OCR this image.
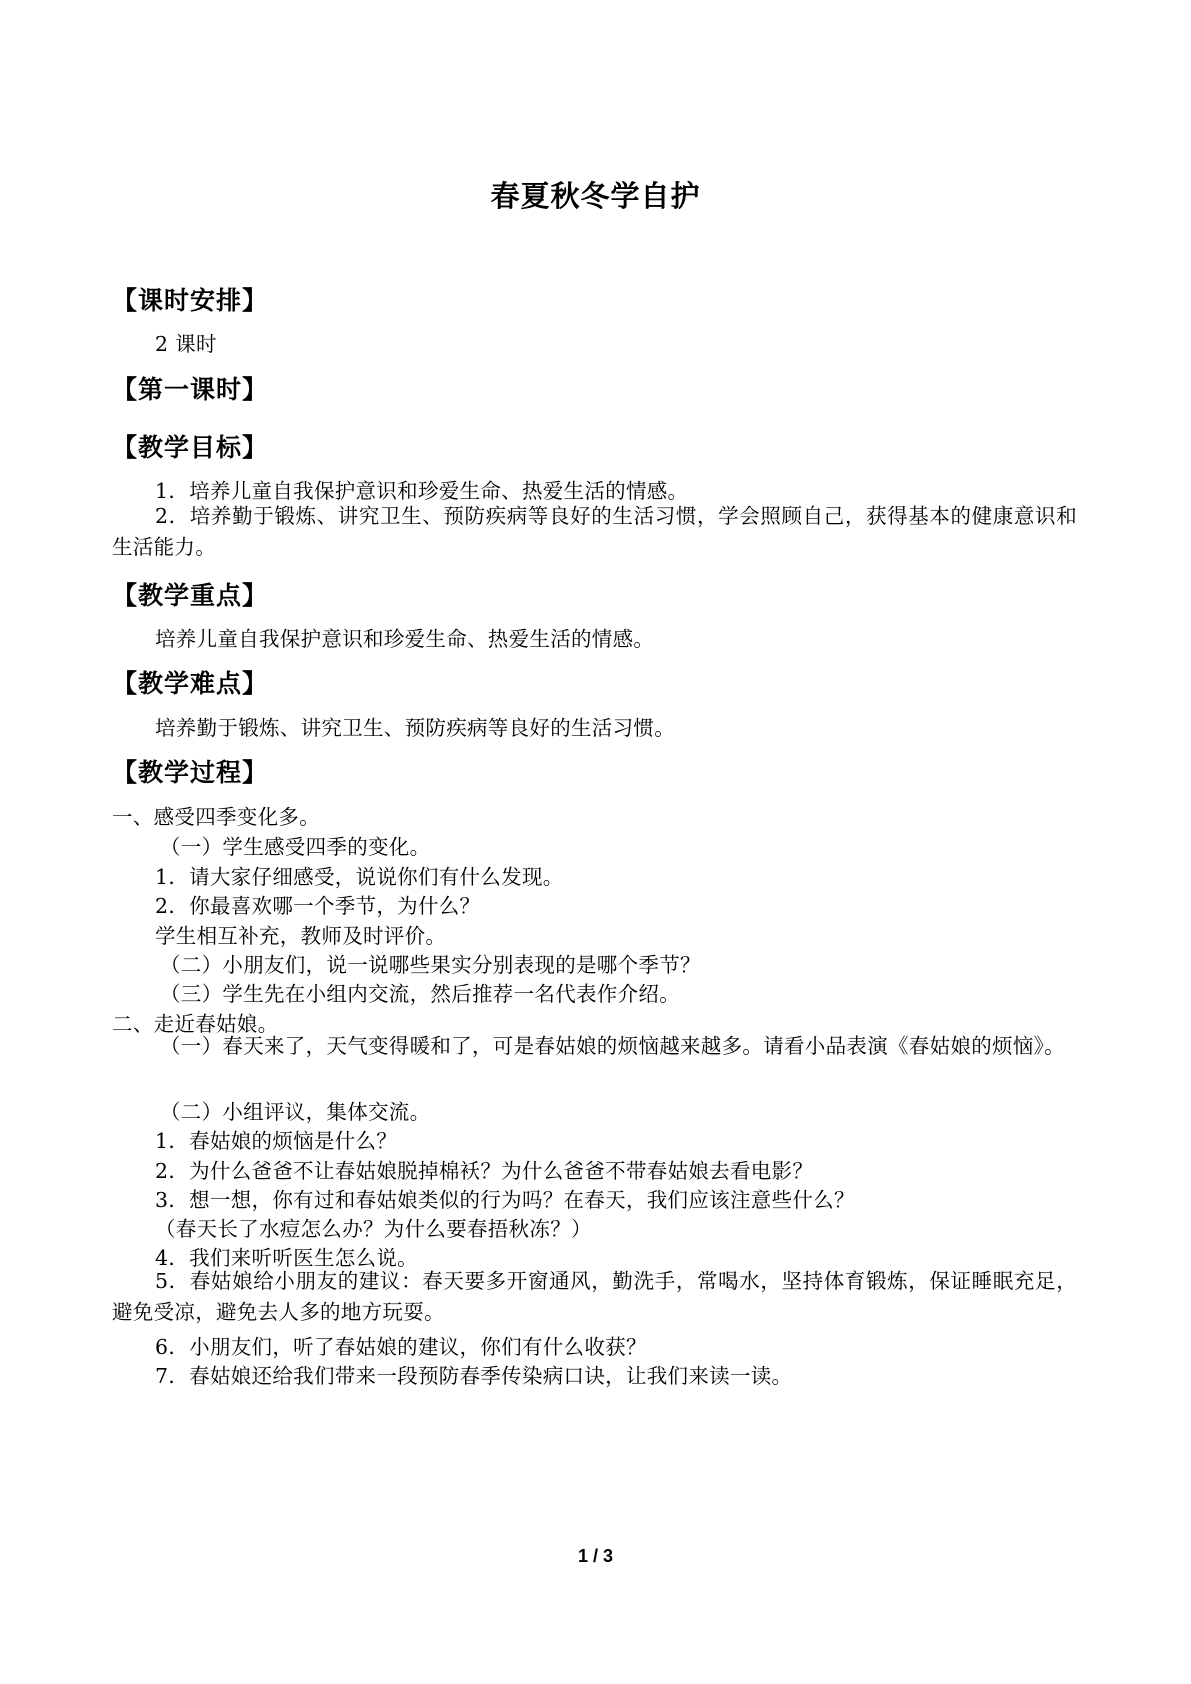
春夏秋冬学自护
【课时安排】
2 课时
【第一课时】
【教学目标】
1．培养儿童自我保护意识和珍爱生命、热爱生活的情感。
2．培养勤于锻炼、讲究卫生、预防疾病等良好的生活习惯，学会照顾自己，获得基本的健康意识和生活能力。
【教学重点】
培养儿童自我保护意识和珍爱生命、热爱生活的情感。
【教学难点】
培养勤于锻炼、讲究卫生、预防疾病等良好的生活习惯。
【教学过程】
一、感受四季变化多。
（一）学生感受四季的变化。
1．请大家仔细感受，说说你们有什么发现。
2．你最喜欢哪一个季节，为什么？
学生相互补充，教师及时评价。
（二）小朋友们，说一说哪些果实分别表现的是哪个季节？
（三）学生先在小组内交流，然后推荐一名代表作介绍。
二、走近春姑娘。
（一）春天来了，天气变得暖和了，可是春姑娘的烦恼越来越多。请看小品表演《春姑娘的烦恼》。
（二）小组评议，集体交流。
1．春姑娘的烦恼是什么？
2．为什么爸爸不让春姑娘脱掉棉袄？为什么爸爸不带春姑娘去看电影？
3．想一想，你有过和春姑娘类似的行为吗？在春天，我们应该注意些什么？
（春天长了水痘怎么办？为什么要春捂秋冻？）
4．我们来听听医生怎么说。
5．春姑娘给小朋友的建议：春天要多开窗通风，勤洗手，常喝水，坚持体育锻炼，保证睡眠充足，避免受凉，避免去人多的地方玩耍。
6．小朋友们，听了春姑娘的建议，你们有什么收获？
7．春姑娘还给我们带来一段预防春季传染病口诀，让我们来读一读。
1 / 3
